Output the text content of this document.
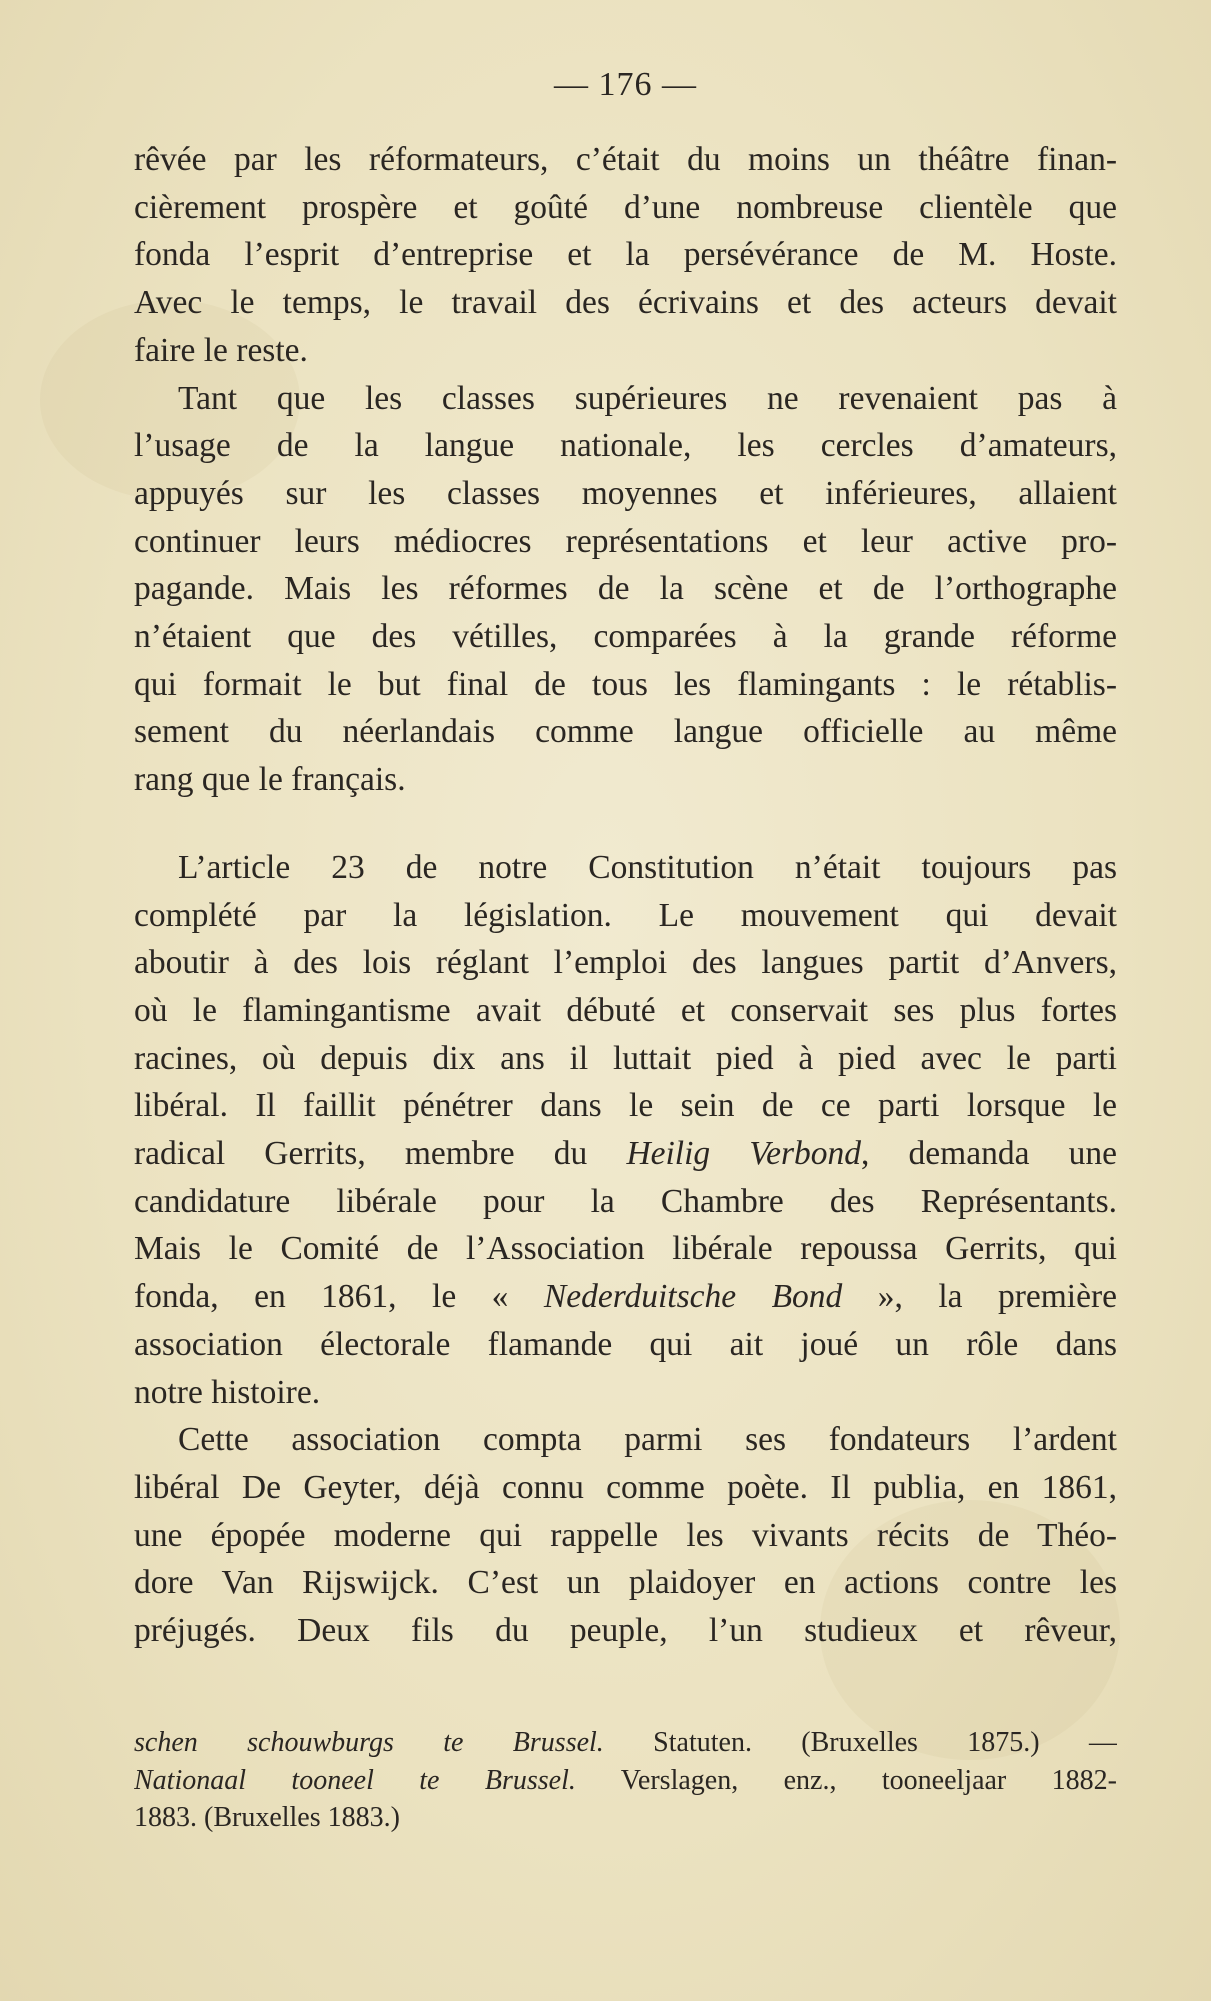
— 176 —
rêvée par les réformateurs, c’était du moins un théâtre finan-
cièrement prospère et goûté d’une nombreuse clientèle que
fonda l’esprit d’entreprise et la persévérance de M. Hoste.
Avec le temps, le travail des écrivains et des acteurs devait
faire le reste.
Tant que les classes supérieures ne revenaient pas à
l’usage de la langue nationale, les cercles d’amateurs,
appuyés sur les classes moyennes et inférieures, allaient
continuer leurs médiocres représentations et leur active pro-
pagande. Mais les réformes de la scène et de l’orthographe
n’étaient que des vétilles, comparées à la grande réforme
qui formait le but final de tous les flamingants : le rétablis-
sement du néerlandais comme langue officielle au même
rang que le français.
L’article 23 de notre Constitution n’était toujours pas
complété par la législation. Le mouvement qui devait
aboutir à des lois réglant l’emploi des langues partit d’Anvers,
où le flamingantisme avait débuté et conservait ses plus fortes
racines, où depuis dix ans il luttait pied à pied avec le parti
libéral. Il faillit pénétrer dans le sein de ce parti lorsque le
radical Gerrits, membre du Heilig Verbond, demanda une
candidature libérale pour la Chambre des Représentants.
Mais le Comité de l’Association libérale repoussa Gerrits, qui
fonda, en 1861, le « Nederduitsche Bond », la première
association électorale flamande qui ait joué un rôle dans
notre histoire.
Cette association compta parmi ses fondateurs l’ardent
libéral De Geyter, déjà connu comme poète. Il publia, en 1861,
une épopée moderne qui rappelle les vivants récits de Théo-
dore Van Rijswijck. C’est un plaidoyer en actions contre les
préjugés. Deux fils du peuple, l’un studieux et rêveur,
schen schouwburgs te Brussel. Statuten. (Bruxelles 1875.) —
Nationaal tooneel te Brussel. Verslagen, enz., tooneeljaar 1882-
1883. (Bruxelles 1883.)
